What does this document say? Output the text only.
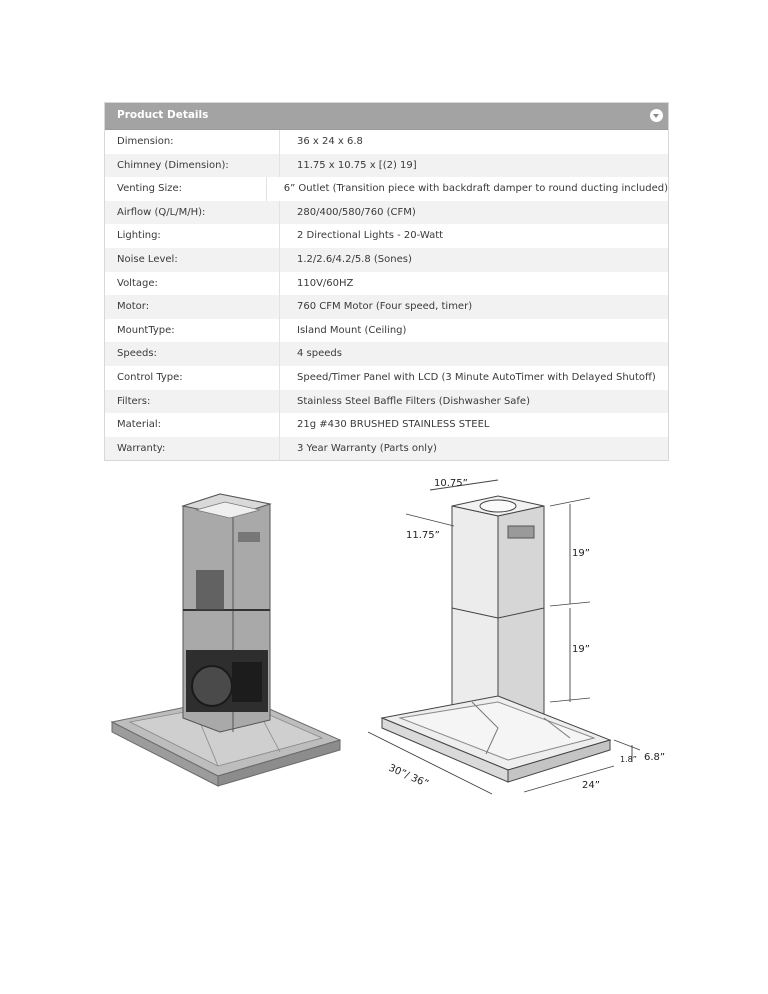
Product Details
Dimension:	36 x 24 x 6.8
Chimney (Dimension):	11.75 x 10.75 x [(2) 19]
Venting Size:	6” Outlet (Transition piece with backdraft damper to round ducting included)
Airflow (Q/L/M/H):	280/400/580/760 (CFM)
Lighting:	2 Directional Lights - 20-Watt
Noise Level:	1.2/2.6/4.2/5.8 (Sones)
Voltage:	110V/60HZ
Motor:	760 CFM Motor (Four speed, timer)
MountType:	Island Mount (Ceiling)
Speeds:	4 speeds
Control Type:	Speed/Timer Panel with LCD (3 Minute AutoTimer with Delayed Shutoff)
Filters:	Stainless Steel Baffle Filters (Dishwasher Safe)
Material:	21g #430 BRUSHED STAINLESS STEEL
Warranty:	3 Year Warranty (Parts only)
10.75”
11.75”
19”
19”
30”/ 36”	24”
1.8” 6.8”
